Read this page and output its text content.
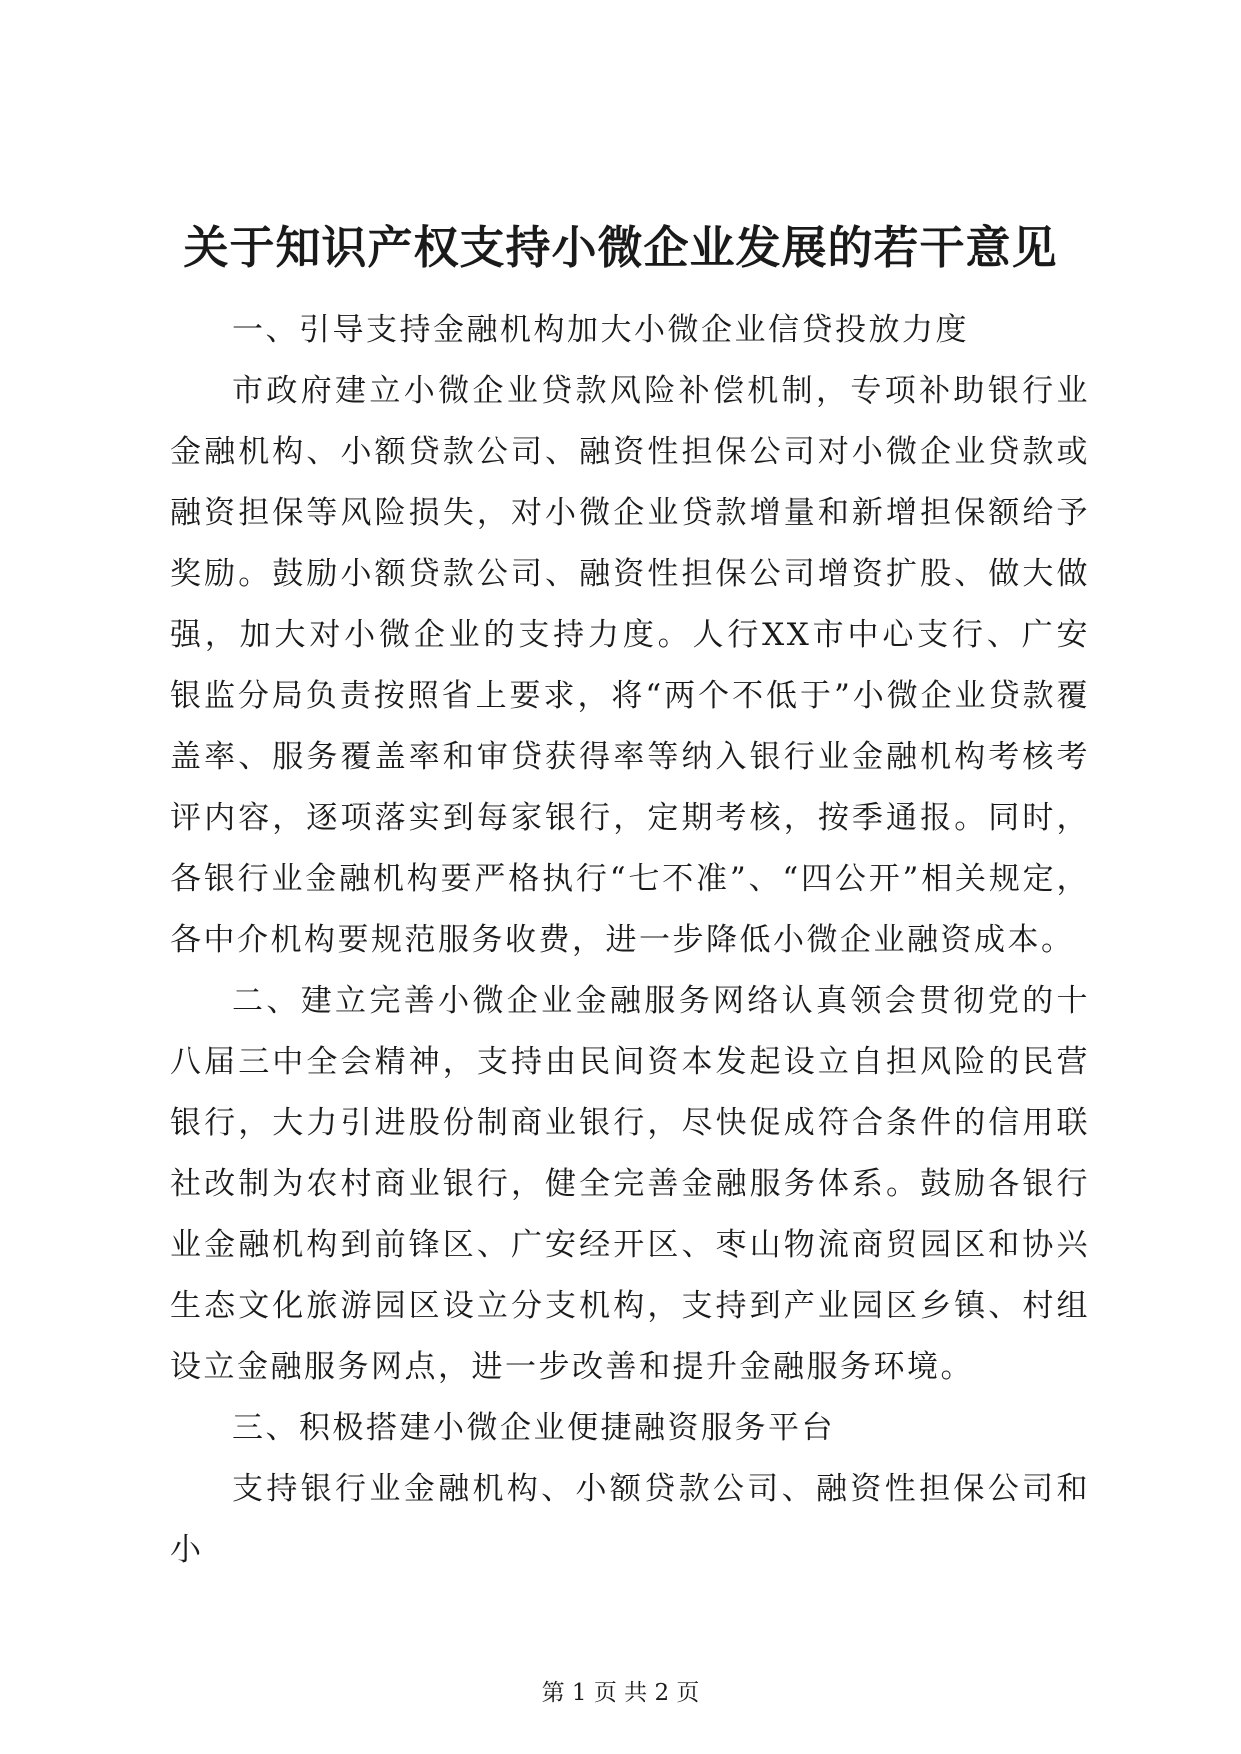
关于知识产权支持小微企业发展的若干意见

一、引导支持金融机构加大小微企业信贷投放力度

市政府建立小微企业贷款风险补偿机制，专项补助银行业金融机构、小额贷款公司、融资性担保公司对小微企业贷款或融资担保等风险损失，对小微企业贷款增量和新增担保额给予奖励。鼓励小额贷款公司、融资性担保公司增资扩股、做大做强，加大对小微企业的支持力度。人行XX市中心支行、广安银监分局负责按照省上要求，将“两个不低于”小微企业贷款覆盖率、服务覆盖率和审贷获得率等纳入银行业金融机构考核考评内容，逐项落实到每家银行，定期考核，按季通报。同时，各银行业金融机构要严格执行“七不准”、“四公开”相关规定，各中介机构要规范服务收费，进一步降低小微企业融资成本。

二、建立完善小微企业金融服务网络认真领会贯彻党的十八届三中全会精神，支持由民间资本发起设立自担风险的民营银行，大力引进股份制商业银行，尽快促成符合条件的信用联社改制为农村商业银行，健全完善金融服务体系。鼓励各银行业金融机构到前锋区、广安经开区、枣山物流商贸园区和协兴生态文化旅游园区设立分支机构，支持到产业园区乡镇、村组设立金融服务网点，进一步改善和提升金融服务环境。

三、积极搭建小微企业便捷融资服务平台

支持银行业金融机构、小额贷款公司、融资性担保公司和小

第 1 页 共 2 页
